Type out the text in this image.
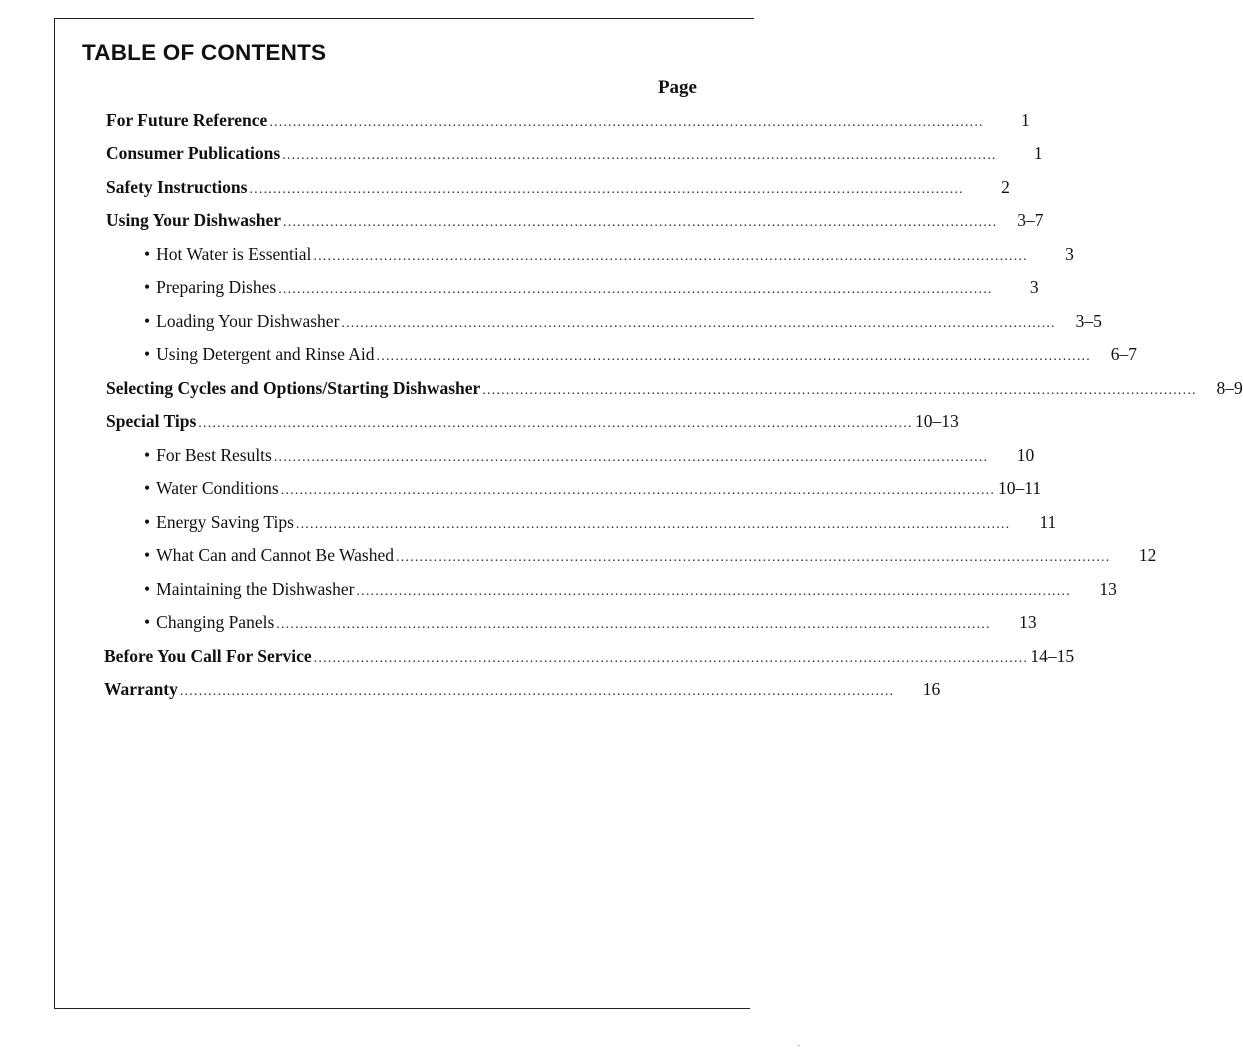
TABLE OF CONTENTS
Page
For Future Reference ........................................................................................................................................................	1
Consumer Publications ........................................................................................................................................................	1
Safety Instructions ........................................................................................................................................................	2
Using Your Dishwasher ........................................................................................................................................................	3–7
• Hot Water is Essential ........................................................................................................................................................	3
• Preparing Dishes ........................................................................................................................................................	3
• Loading Your Dishwasher ........................................................................................................................................................	3–5
• Using Detergent and Rinse Aid ........................................................................................................................................................	6–7
Selecting Cycles and Options/Starting Dishwasher ........................................................................................................................................................	8–9
Special Tips ........................................................................................................................................................ 10–13
• For Best Results ........................................................................................................................................................	10
• Water Conditions ........................................................................................................................................................ 10–11
• Energy Saving Tips ........................................................................................................................................................	11
• What Can and Cannot Be Washed ........................................................................................................................................................	12
• Maintaining the Dishwasher ........................................................................................................................................................	13
• Changing Panels ........................................................................................................................................................	13
Before You Call For Service ........................................................................................................................................................ 14–15
Warranty ........................................................................................................................................................	16
